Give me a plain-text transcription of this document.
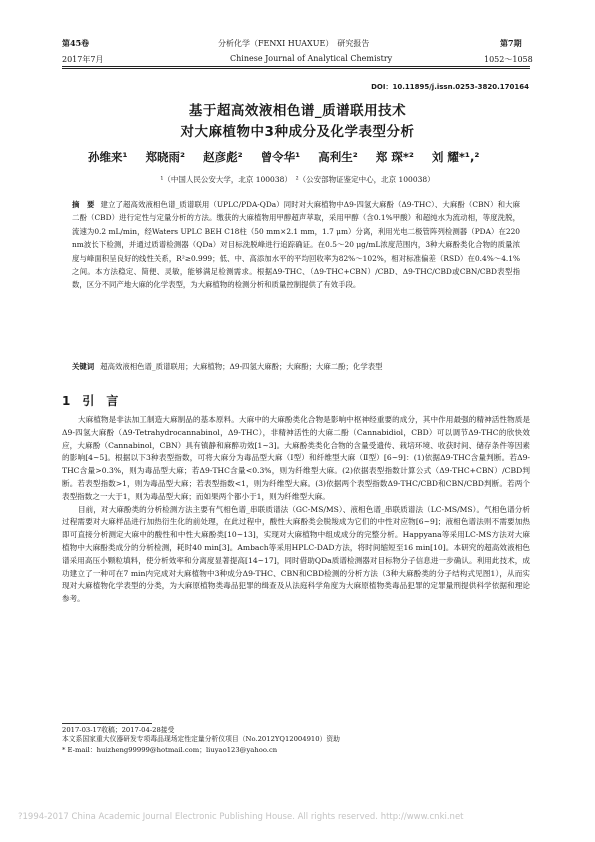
第45卷	分析化学（FENXI HUAXUE）　研究报告	第7期
2017年7月	Chinese Journal of Analytical Chemistry	1052～1058
DOI：10.11895/j.issn.0253-3820.170164
基于超高效液相色谱_质谱联用技术
对大麻植物中3种成分及化学表型分析
孙维来¹ 郑晓雨² 赵彦彪² 曾令华¹ 高利生² 郑 琛*² 刘 耀*¹,²
¹（中国人民公安大学，北京 100038）　²（公安部物证鉴定中心，北京 100038）
摘　要 建立了超高效液相色谱_质谱联用（UPLC/PDA-QDa）同时对大麻植物中Δ9-四氢大麻酚（Δ9-THC）、大麻酚（CBN）和大麻二酚（CBD）进行定性与定量分析的方法。缴获的大麻植物用甲醇超声萃取，采用甲醇（含0.1%甲酸）和超纯水为流动相，等度洗脱，流速为0.2 mL/min，经Waters UPLC BEH C18柱（50 mm×2.1 mm，1.7 μm）分离，利用光电二极管阵列检测器（PDA）在220 nm波长下检测，并通过质谱检测器（QDa）对目标洗脱峰进行追踪确证。在0.5～20 μg/mL浓度范围内，3种大麻酚类化合物的质量浓度与峰面积呈良好的线性关系，R²≥0.999；低、中、高添加水平的平均回收率为82%～102%，相对标准偏差（RSD）在0.4%～4.1%之间。本方法稳定、简便、灵敏，能够满足检测需求。根据Δ9-THC、（Δ9-THC+CBN）/CBD、Δ9-THC/CBD或CBN/CBD表型指数，区分不同产地大麻的化学表型，为大麻植物的检测分析和质量控制提供了有效手段。
关键词 超高效液相色谱_质谱联用；大麻植物；Δ9-四氢大麻酚；大麻酚；大麻二酚；化学表型
1 引　言

大麻植物是非法加工制造大麻制品的基本原料。大麻中的大麻酚类化合物是影响中枢神经重要的成分，其中作用最强的精神活性物质是Δ9-四氢大麻酚（Δ9-Tetrahydrocannabinol，Δ9-THC），非精神活性的大麻二酚（Cannabidiol，CBD）可以调节Δ9-THC的欣快效应，大麻酚（Cannabinol，CBN）具有镇静和麻醉功效[1~3]。大麻酚类类化合物的含量受遗传、栽培环境、收获时间、储存条件等因素的影响[4~5]。根据以下3种表型指数，可将大麻分为毒品型大麻（Ⅰ型）和纤维型大麻（Ⅱ型）[6~9]：(1)依据Δ9-THC含量判断。若Δ9-THC含量>0.3%，则为毒品型大麻；若Δ9-THC含量<0.3%，则为纤维型大麻。(2)依据表型指数计算公式（Δ9-THC+CBN）/CBD判断。若表型指数>1，则为毒品型大麻；若表型指数<1，则为纤维型大麻。(3)依据两个表型指数Δ9-THC/CBD和CBN/CBD判断。若两个表型指数之一大于1，则为毒品型大麻；而如果两个都小于1，则为纤维型大麻。

目前，对大麻酚类的分析检测方法主要有气相色谱_串联质谱法（GC-MS/MS）、液相色谱_串联质谱法（LC-MS/MS）。气相色谱分析过程需要对大麻样品进行加热衍生化的前处理，在此过程中，酸性大麻酚类会脱羧成为它们的中性对应物[6~9]；液相色谱法则不需要加热即可直接分析测定大麻中的酸性和中性大麻酚类[10~13]，实现对大麻植物中组成成分的完整分析。Happyana等采用LC-MS方法对大麻植物中大麻酚类成分的分析检测，耗时40 min[3]。Ambach等采用HPLC-DAD方法，将时间缩短至16 min[10]。本研究的超高效液相色谱采用高压小颗粒填料，使分析效率和分离度显著提高[14~17]，同时借助QDa质谱检测器对目标物分子信息进一步确认。利用此技术，成功建立了一种可在7 min内完成对大麻植物中3种成分Δ9-THC、CBN和CBD检测的分析方法（3种大麻酚类的分子结构式见图1），从而实现对大麻植物化学表型的分类，为大麻原植物类毒品犯罪的缉查及从法庭科学角度为大麻原植物类毒品犯罪的定罪量刑提供科学依据和理论参考。

2017-03-17收稿；2017-04-28接受
本文系国家重大仪器研发专项毒品现场定性定量分析仪项目（No.2012YQ12004910）资助
* E-mail：huizheng99999@hotmail.com；liuyao123@yahoo.cn
?1994-2017 China Academic Journal Electronic Publishing House. All rights reserved. http://www.cnki.net
